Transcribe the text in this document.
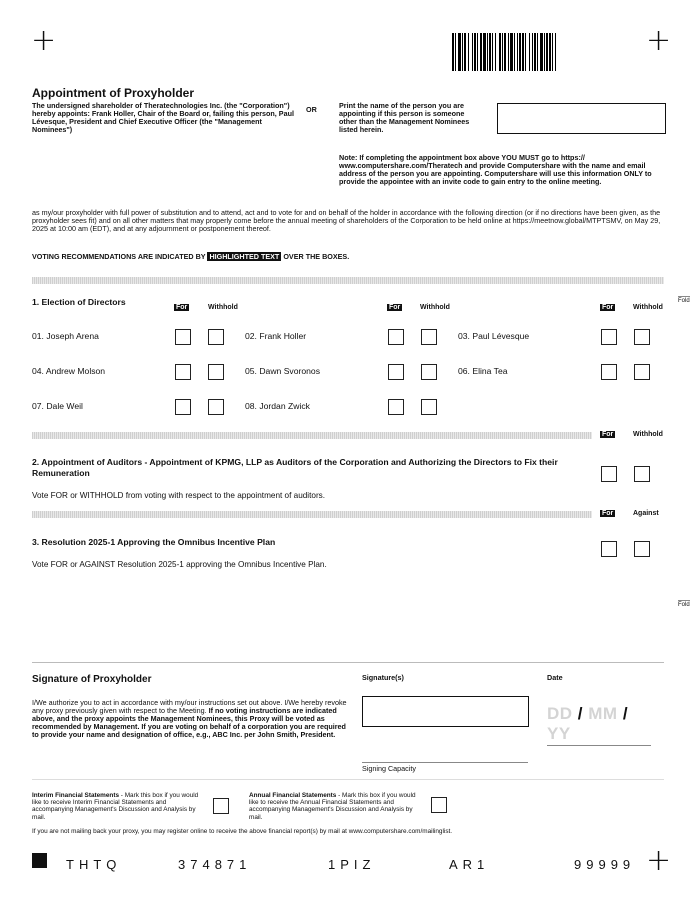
+	+
+
Appointment of Proxyholder
The undersigned shareholder of Theratechnologies Inc. (the "Corporation") hereby appoints: Frank Holler, Chair of the Board or, failing this person, Paul Lévesque, President and Chief Executive Officer (the "Management Nominees")
OR	Print the name of the person you are appointing if this person is someone other than the Management Nominees listed herein.
Note: If completing the appointment box above YOU MUST go to https:// www.computershare.com/Theratech and provide Computershare with the name and email address of the person you are appointing. Computershare will use this information ONLY to provide the appointee with an invite code to gain entry to the online meeting.
as my/our proxyholder with full power of substitution and to attend, act and to vote for and on behalf of the holder in accordance with the following direction (or if no directions have been given, as the proxyholder sees fit) and on all other matters that may properly come before the annual meeting of shareholders of the Corporation to be held online at https://meetnow.global/MTPTSMV, on May 29, 2025 at 10:00 am (EDT), and at any adjournment or postponement thereof.
VOTING RECOMMENDATIONS ARE INDICATED BY HIGHLIGHTED TEXT OVER THE BOXES.
Fold
1. Election of Directors
For	Withhold	For	Withhold	For	Withhold
01. Joseph Arena	02. Frank Holler	03. Paul Lévesque
04. Andrew Molson	05. Dawn Svoronos	06. Elina Tea
07. Dale Weil	08. Jordan Zwick
For	Withhold
2. Appointment of Auditors - Appointment of KPMG, LLP as Auditors of the Corporation and Authorizing the Directors to Fix their Remuneration
Vote FOR or WITHHOLD from voting with respect to the appointment of auditors.
For	Against
3. Resolution 2025-1 Approving the Omnibus Incentive Plan
Vote FOR or AGAINST Resolution 2025-1 approving the Omnibus Incentive Plan.
Fold
Signature of Proxyholder
I/We authorize you to act in accordance with my/our instructions set out above. I/We hereby revoke any proxy previously given with respect to the Meeting. If no voting instructions are indicated above, and the proxy appoints the Management Nominees, this Proxy will be voted as recommended by Management. If you are voting on behalf of a corporation you are required to provide your name and designation of office, e.g., ABC Inc. per John Smith, President.
Signature(s)	Date
DD / MM / YY
Signing Capacity
Interim Financial Statements - Mark this box if you would like to receive Interim Financial Statements and accompanying Management's Discussion and Analysis by mail.
Annual Financial Statements - Mark this box if you would like to receive the Annual Financial Statements and accompanying Management's Discussion and Analysis by mail.
If you are not mailing back your proxy, you may register online to receive the above financial report(s) by mail at www.computershare.com/mailinglist.
THTQ	374871	1PIZ	AR1	99999
